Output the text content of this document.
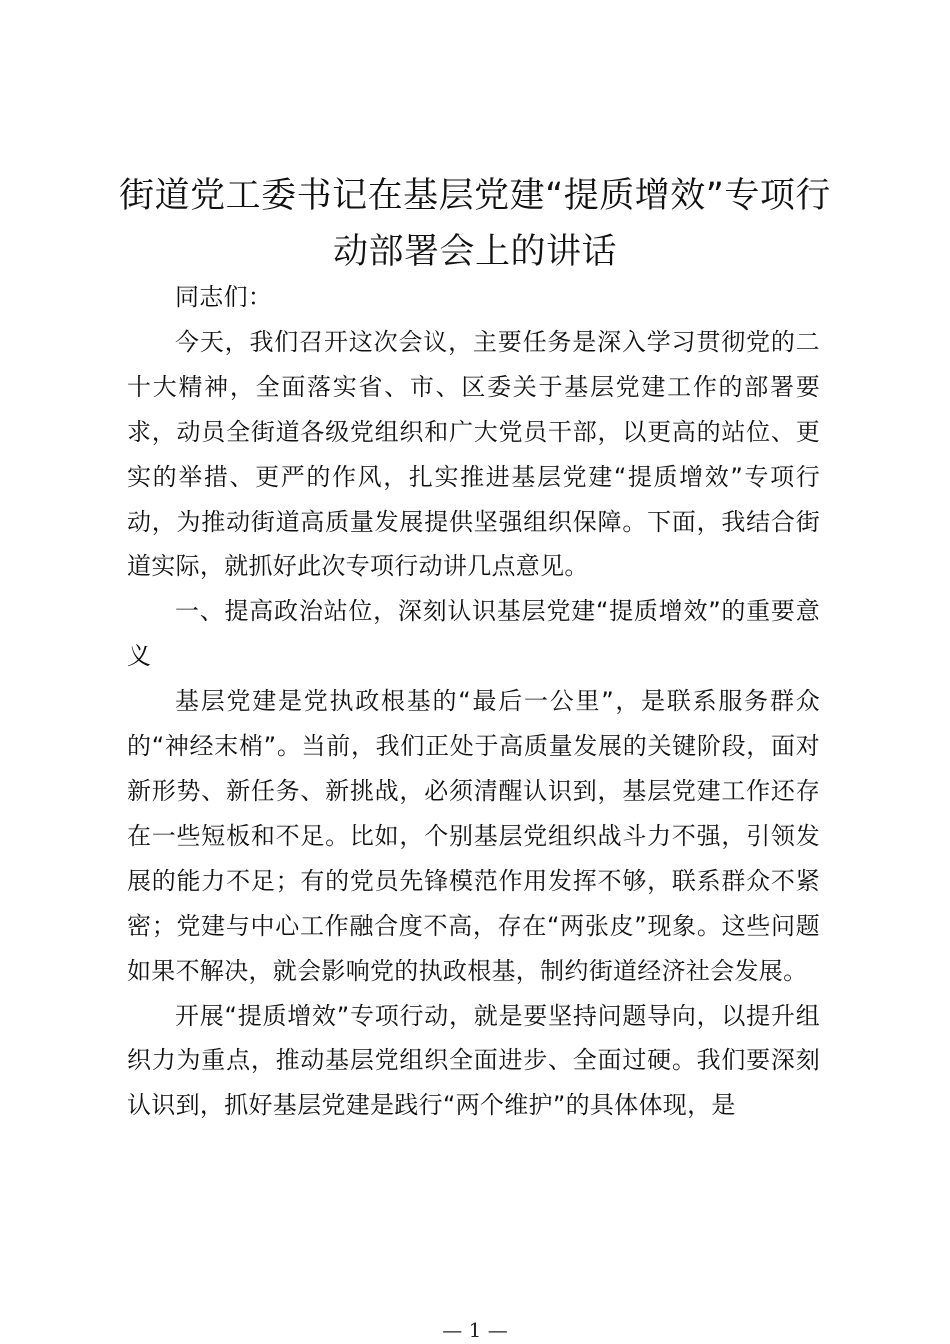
街道党工委书记在基层党建“提质增效”专项行动部署会上的讲话

同志们：

今天，我们召开这次会议，主要任务是深入学习贯彻党的二十大精神，全面落实省、市、区委关于基层党建工作的部署要求，动员全街道各级党组织和广大党员干部，以更高的站位、更实的举措、更严的作风，扎实推进基层党建“提质增效”专项行动，为推动街道高质量发展提供坚强组织保障。下面，我结合街道实际，就抓好此次专项行动讲几点意见。

一、提高政治站位，深刻认识基层党建“提质增效”的重要意义

基层党建是党执政根基的“最后一公里”，是联系服务群众的“神经末梢”。当前，我们正处于高质量发展的关键阶段，面对新形势、新任务、新挑战，必须清醒认识到，基层党建工作还存在一些短板和不足。比如，个别基层党组织战斗力不强，引领发展的能力不足；有的党员先锋模范作用发挥不够，联系群众不紧密；党建与中心工作融合度不高，存在“两张皮”现象。这些问题如果不解决，就会影响党的执政根基，制约街道经济社会发展。

开展“提质增效”专项行动，就是要坚持问题导向，以提升组织力为重点，推动基层党组织全面进步、全面过硬。我们要深刻认识到，抓好基层党建是践行“两个维护”的具体体现，是

— 1 —
